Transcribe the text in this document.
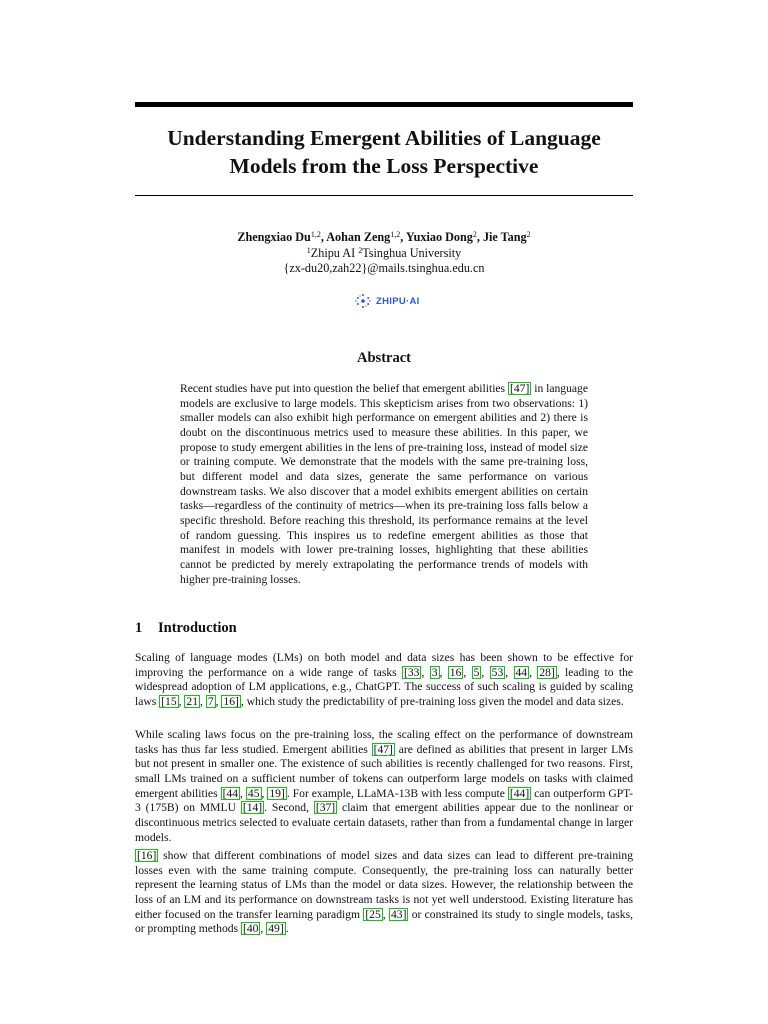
Understanding Emergent Abilities of Language
Models from the Loss Perspective
Zhengxiao Du$^{1,2}$, Aohan Zeng$^{1,2}$, Yuxiao Dong$^2$, Jie Tang$^2$
$^1$Zhipu AI $^2$Tsinghua University
{zx-du20,zah22}@mails.tsinghua.edu.cn
ZHIPU·AI
Abstract
Recent studies have put into question the belief that emergent abilities [47] in language models are exclusive to large models. This skepticism arises from two observations: 1) smaller models can also exhibit high performance on emergent abilities and 2) there is doubt on the discontinuous metrics used to measure these abilities. In this paper, we propose to study emergent abilities in the lens of pre-training loss, instead of model size or training compute. We demonstrate that the models with the same pre-training loss, but different model and data sizes, generate the same performance on various downstream tasks. We also discover that a model exhibits emergent abilities on certain tasks—regardless of the continuity of metrics—when its pre-training loss falls below a specific threshold. Before reaching this threshold, its performance remains at the level of random guessing. This inspires us to redefine emergent abilities as those that manifest in models with lower pre-training losses, highlighting that these abilities cannot be predicted by merely extrapolating the performance trends of models with higher pre-training losses.
1 Introduction
Scaling of language modes (LMs) on both model and data sizes has been shown to be effective for improving the performance on a wide range of tasks [33 , 3 , 16 , 5 , 53 , 44 , 28] , leading to the widespread adoption of LM applications, e.g., ChatGPT. The success of such scaling is guided by scaling laws [15 , 21 , 7 , 16] , which study the predictability of pre-training loss given the model and data sizes.
While scaling laws focus on the pre-training loss, the scaling effect on the performance of downstream tasks has thus far less studied. Emergent abilities [47] are defined as abilities that present in larger LMs but not present in smaller one. The existence of such abilities is recently challenged for two reasons. First, small LMs trained on a sufficient number of tokens can outperform large models on tasks with claimed emergent abilities [44 , 45 , 19] . For example, LLaMA-13B with less compute [44] can outperform GPT-3 (175B) on MMLU [14] . Second, [37] claim that emergent abilities appear due to the nonlinear or discontinuous metrics selected to evaluate certain datasets, rather than from a fundamental change in larger models.
[16] show that different combinations of model sizes and data sizes can lead to different pre-training losses even with the same training compute. Consequently, the pre-training loss can naturally better represent the learning status of LMs than the model or data sizes. However, the relationship between the loss of an LM and its performance on downstream tasks is not yet well understood. Existing literature has either focused on the transfer learning paradigm [25 , 43] or constrained its study to single models, tasks, or prompting methods [40 , 49] .
